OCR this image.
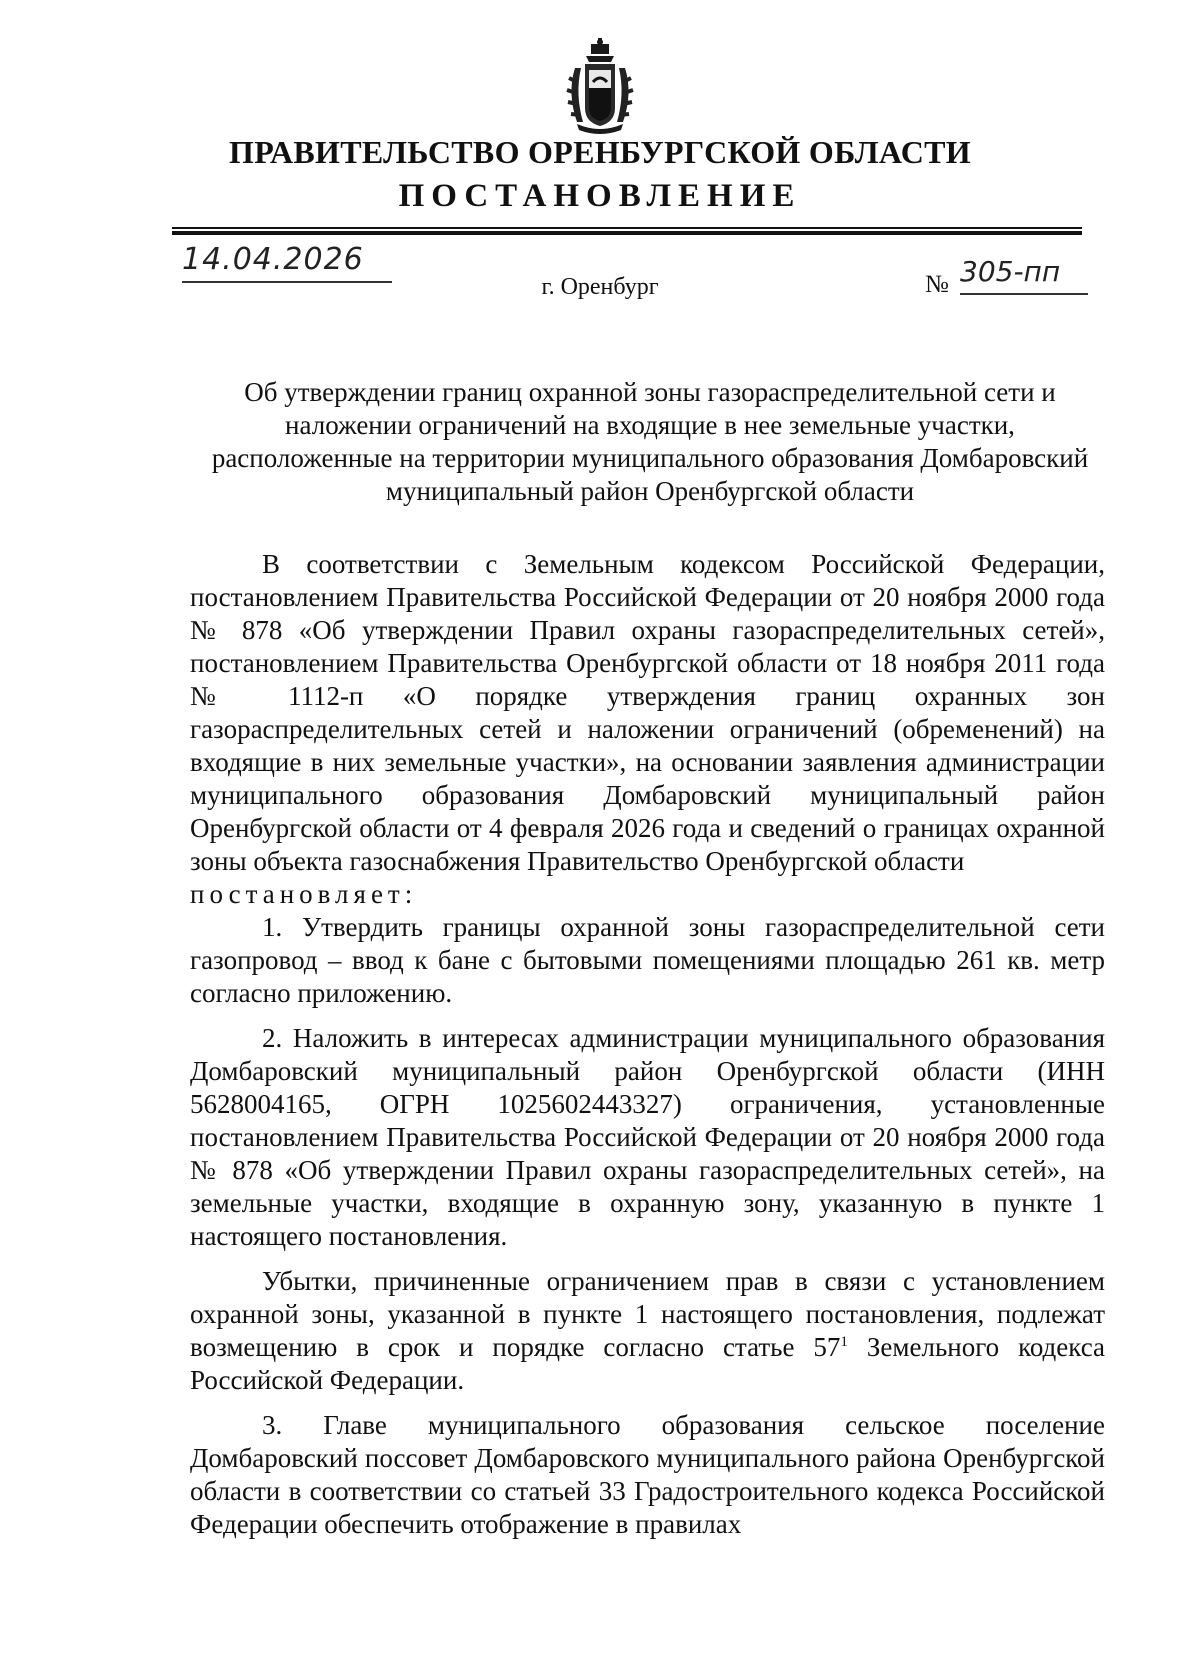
ПРАВИТЕЛЬСТВО ОРЕНБУРГСКОЙ ОБЛАСТИ
ПОСТАНОВЛЕНИЕ
14.04.2026
г. Оренбург	№ 305-пп
Об утверждении границ охранной зоны газораспределительной сети и
наложении ограничений на входящие в нее земельные участки,
расположенные на территории муниципального образования Домбаровский
муниципальный район Оренбургской области

В соответствии с Земельным кодексом Российской Федерации, постановлением Правительства Российской Федерации от 20 ноября 2000 года № 878 «Об утверждении Правил охраны газораспределительных сетей», постановлением Правительства Оренбургской области от 18 ноября 2011 года № 1112-п «О порядке утверждения границ охранных зон газораспределительных сетей и наложении ограничений (обременений) на входящие в них земельные участки», на основании заявления администрации муниципального образования Домбаровский муниципальный район Оренбургской области от 4 февраля 2026 года и сведений о границах охранной зоны объекта газоснабжения Правительство Оренбургской области

постановляет:

1. Утвердить границы охранной зоны газораспределительной сети газопровод – ввод к бане с бытовыми помещениями площадью 261 кв. метр согласно приложению.

2. Наложить в интересах администрации муниципального образования Домбаровский муниципальный район Оренбургской области (ИНН 5628004165, ОГРН 1025602443327) ограничения, установленные постановлением Правительства Российской Федерации от 20 ноября 2000 года № 878 «Об утверждении Правил охраны газораспределительных сетей», на земельные участки, входящие в охранную зону, указанную в пункте 1 настоящего постановления.

Убытки, причиненные ограничением прав в связи с установлением охранной зоны, указанной в пункте 1 настоящего постановления, подлежат возмещению в срок и порядке согласно статье $57^1$ Земельного кодекса Российской Федерации.

3. Главе муниципального образования сельское поселение Домбаровский поссовет Домбаровского муниципального района Оренбургской области в соответствии со статьей 33 Градостроительного кодекса Российской Федерации обеспечить отображение в правилах
